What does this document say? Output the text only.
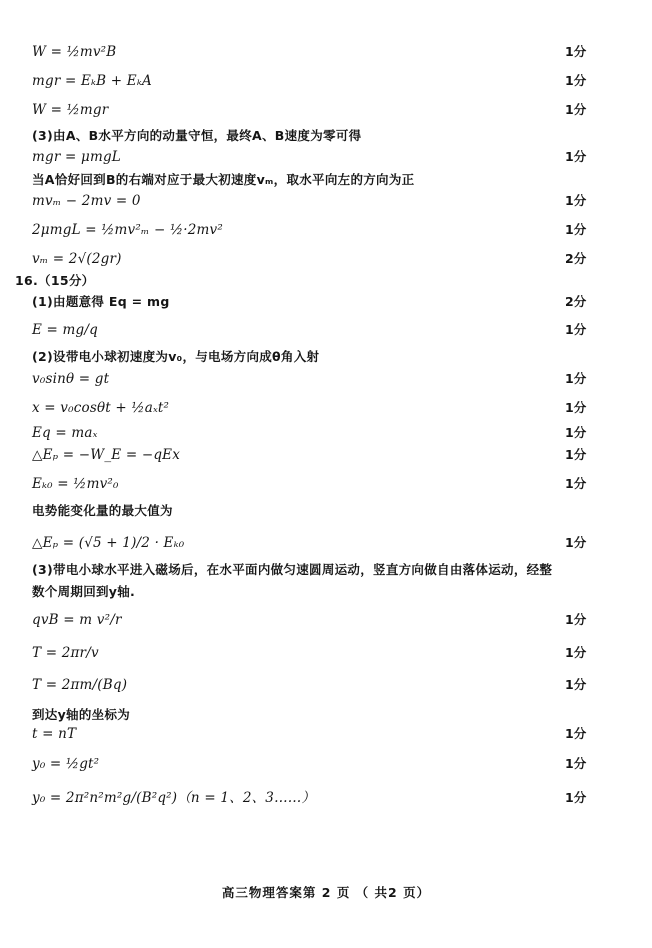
W = ½mv²B	1分
mgr = EₖB + EₖA	1分
W = ½mgr	1分
(3)由A、B水平方向的动量守恒，最终A、B速度为零可得
mgr = μmgL	1分
当A恰好回到B的右端对应于最大初速度vₘ，取水平向左的方向为正
mvₘ − 2mv = 0	1分
2μmgL = ½mv²ₘ − ½·2mv²	1分
vₘ = 2√(2gr)	2分
16.（15分）
(1)由题意得 Eq = mg	2分
E = mg/q	1分
(2)设带电小球初速度为v₀，与电场方向成θ角入射
v₀sinθ = gt	1分
x = v₀cosθt + ½aₓt²	1分
Eq = maₓ	1分
△Eₚ = −W_E = −qEx	1分
Eₖ₀ = ½mv²₀	1分
电势能变化量的最大值为
△Eₚ = (√5 + 1)/2 · Eₖ₀	1分
(3)带电小球水平进入磁场后，在水平面内做匀速圆周运动，竖直方向做自由落体运动，经整
数个周期回到y轴.
qvB = m v²/r	1分
T = 2πr/v	1分
T = 2πm/(Bq)	1分
到达y轴的坐标为
t = nT	1分
y₀ = ½gt²	1分
y₀ = 2π²n²m²g/(B²q²)（n = 1、2、3……）	1分
高三物理答案第 2 页 （ 共2 页）
